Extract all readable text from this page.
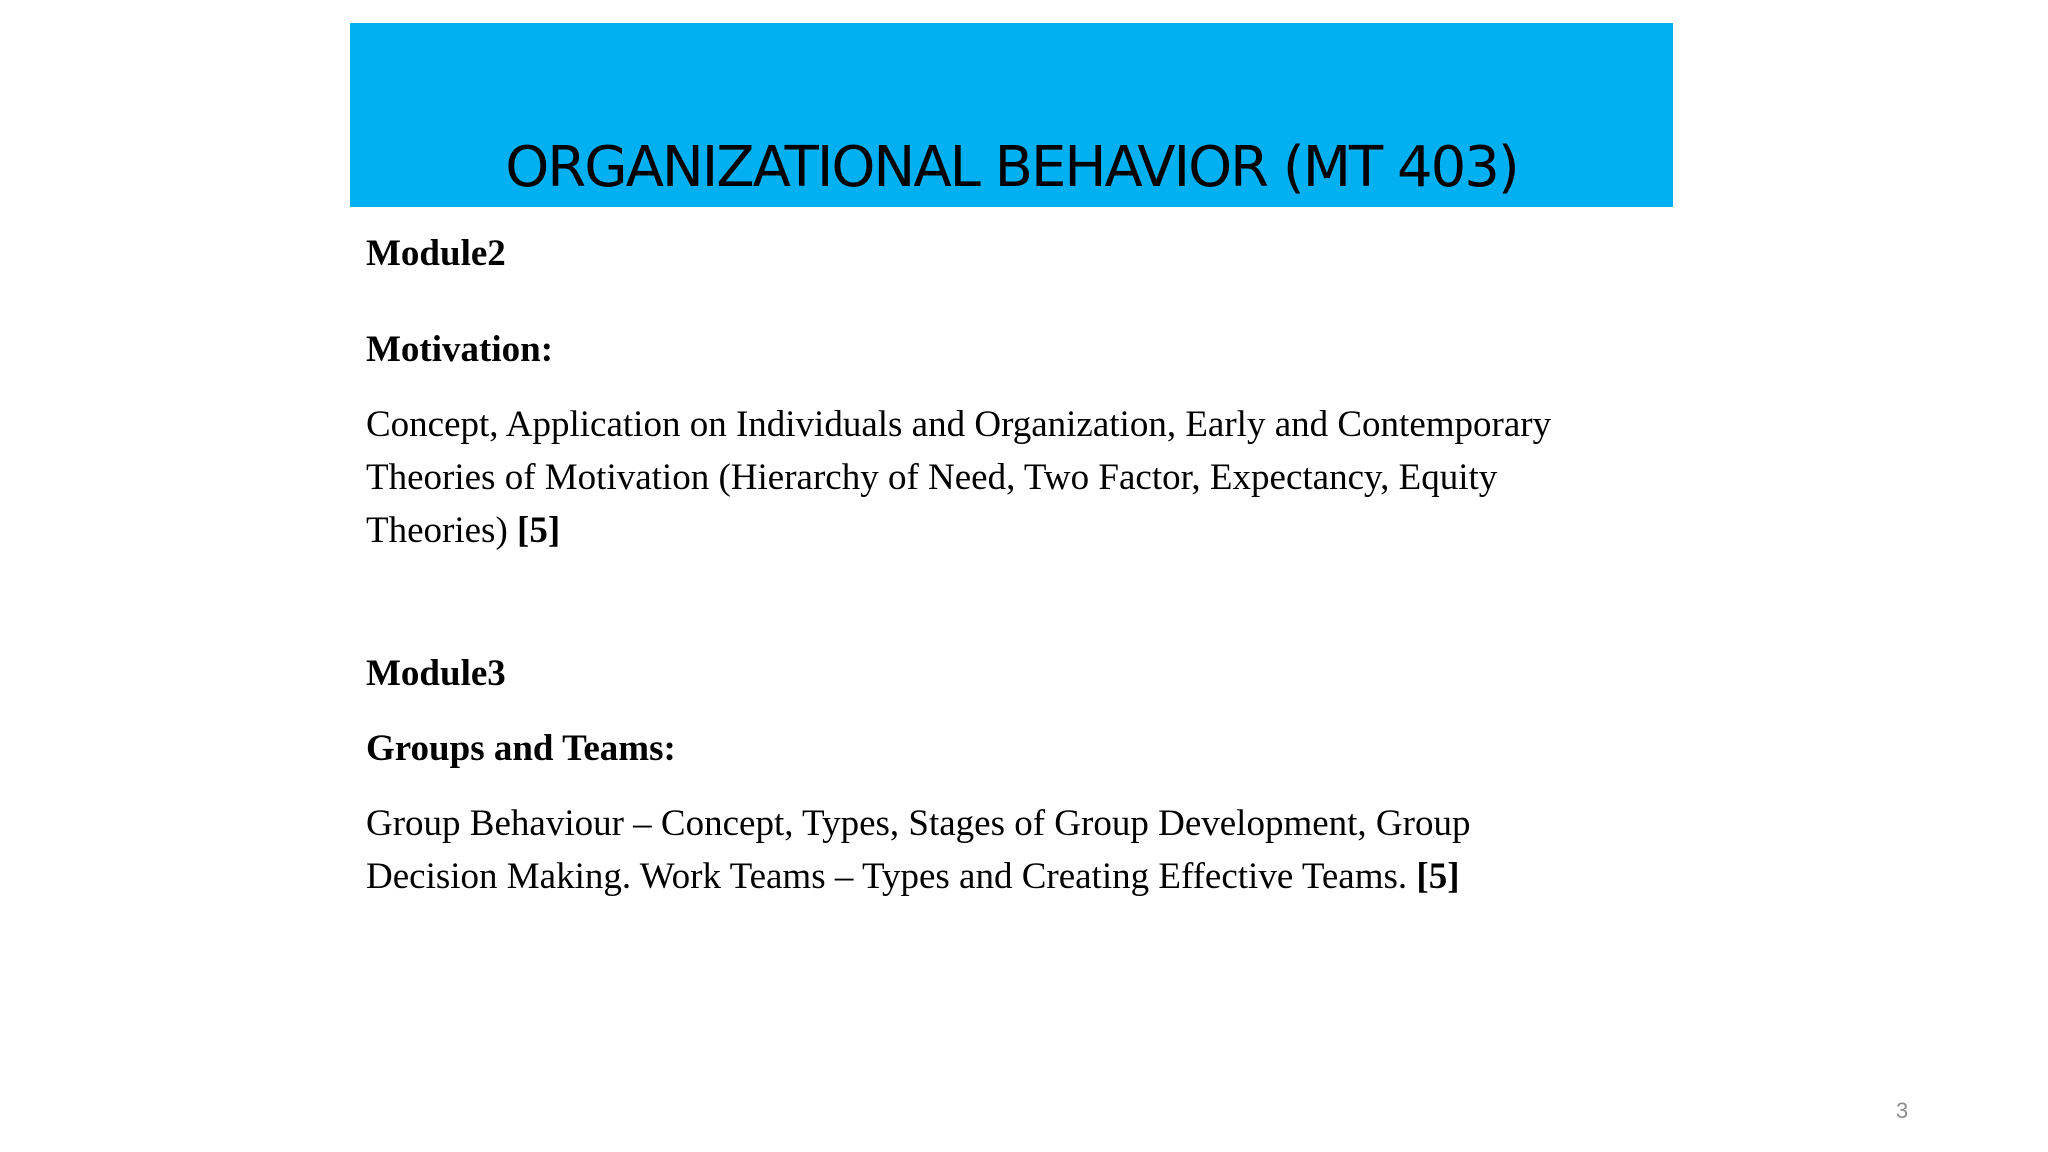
ORGANIZATIONAL BEHAVIOR (MT 403)
Module2
Motivation:
Concept, Application on Individuals and Organization, Early and Contemporary Theories of Motivation (Hierarchy of Need, Two Factor, Expectancy, Equity Theories) [5]
Module3
Groups and Teams:
Group Behaviour – Concept, Types, Stages of Group Development, Group Decision Making. Work Teams – Types and Creating Effective Teams. [5]
3
